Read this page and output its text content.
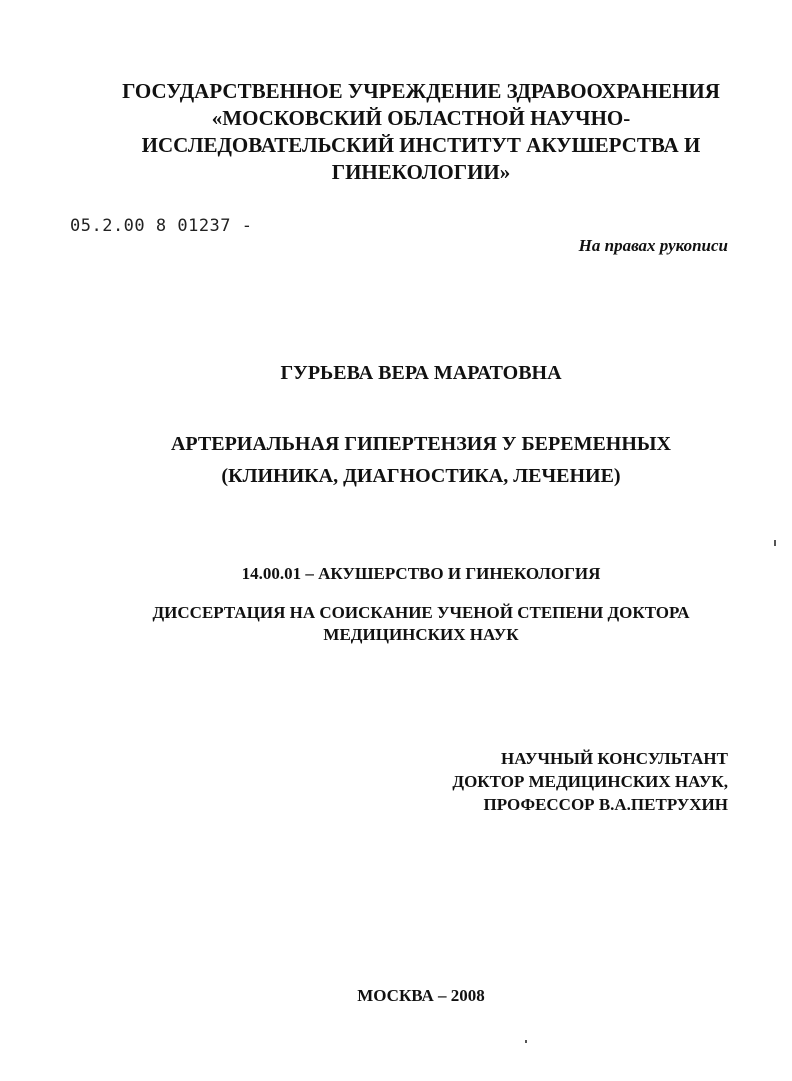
ГОСУДАРСТВЕННОЕ УЧРЕЖДЕНИЕ ЗДРАВООХРАНЕНИЯ
«МОСКОВСКИЙ ОБЛАСТНОЙ НАУЧНО-
ИССЛЕДОВАТЕЛЬСКИЙ ИНСТИТУТ АКУШЕРСТВА И
ГИНЕКОЛОГИИ»
05.2.00 8 01237 -
На правах рукописи
ГУРЬЕВА ВЕРА МАРАТОВНА
АРТЕРИАЛЬНАЯ ГИПЕРТЕНЗИЯ У БЕРЕМЕННЫХ
(КЛИНИКА, ДИАГНОСТИКА, ЛЕЧЕНИЕ)
14.00.01 – АКУШЕРСТВО И ГИНЕКОЛОГИЯ
ДИССЕРТАЦИЯ НА СОИСКАНИЕ УЧЕНОЙ СТЕПЕНИ ДОКТОРА
МЕДИЦИНСКИХ НАУК
НАУЧНЫЙ КОНСУЛЬТАНТ
ДОКТОР МЕДИЦИНСКИХ НАУК,
ПРОФЕССОР В.А.ПЕТРУХИН
МОСКВА – 2008
